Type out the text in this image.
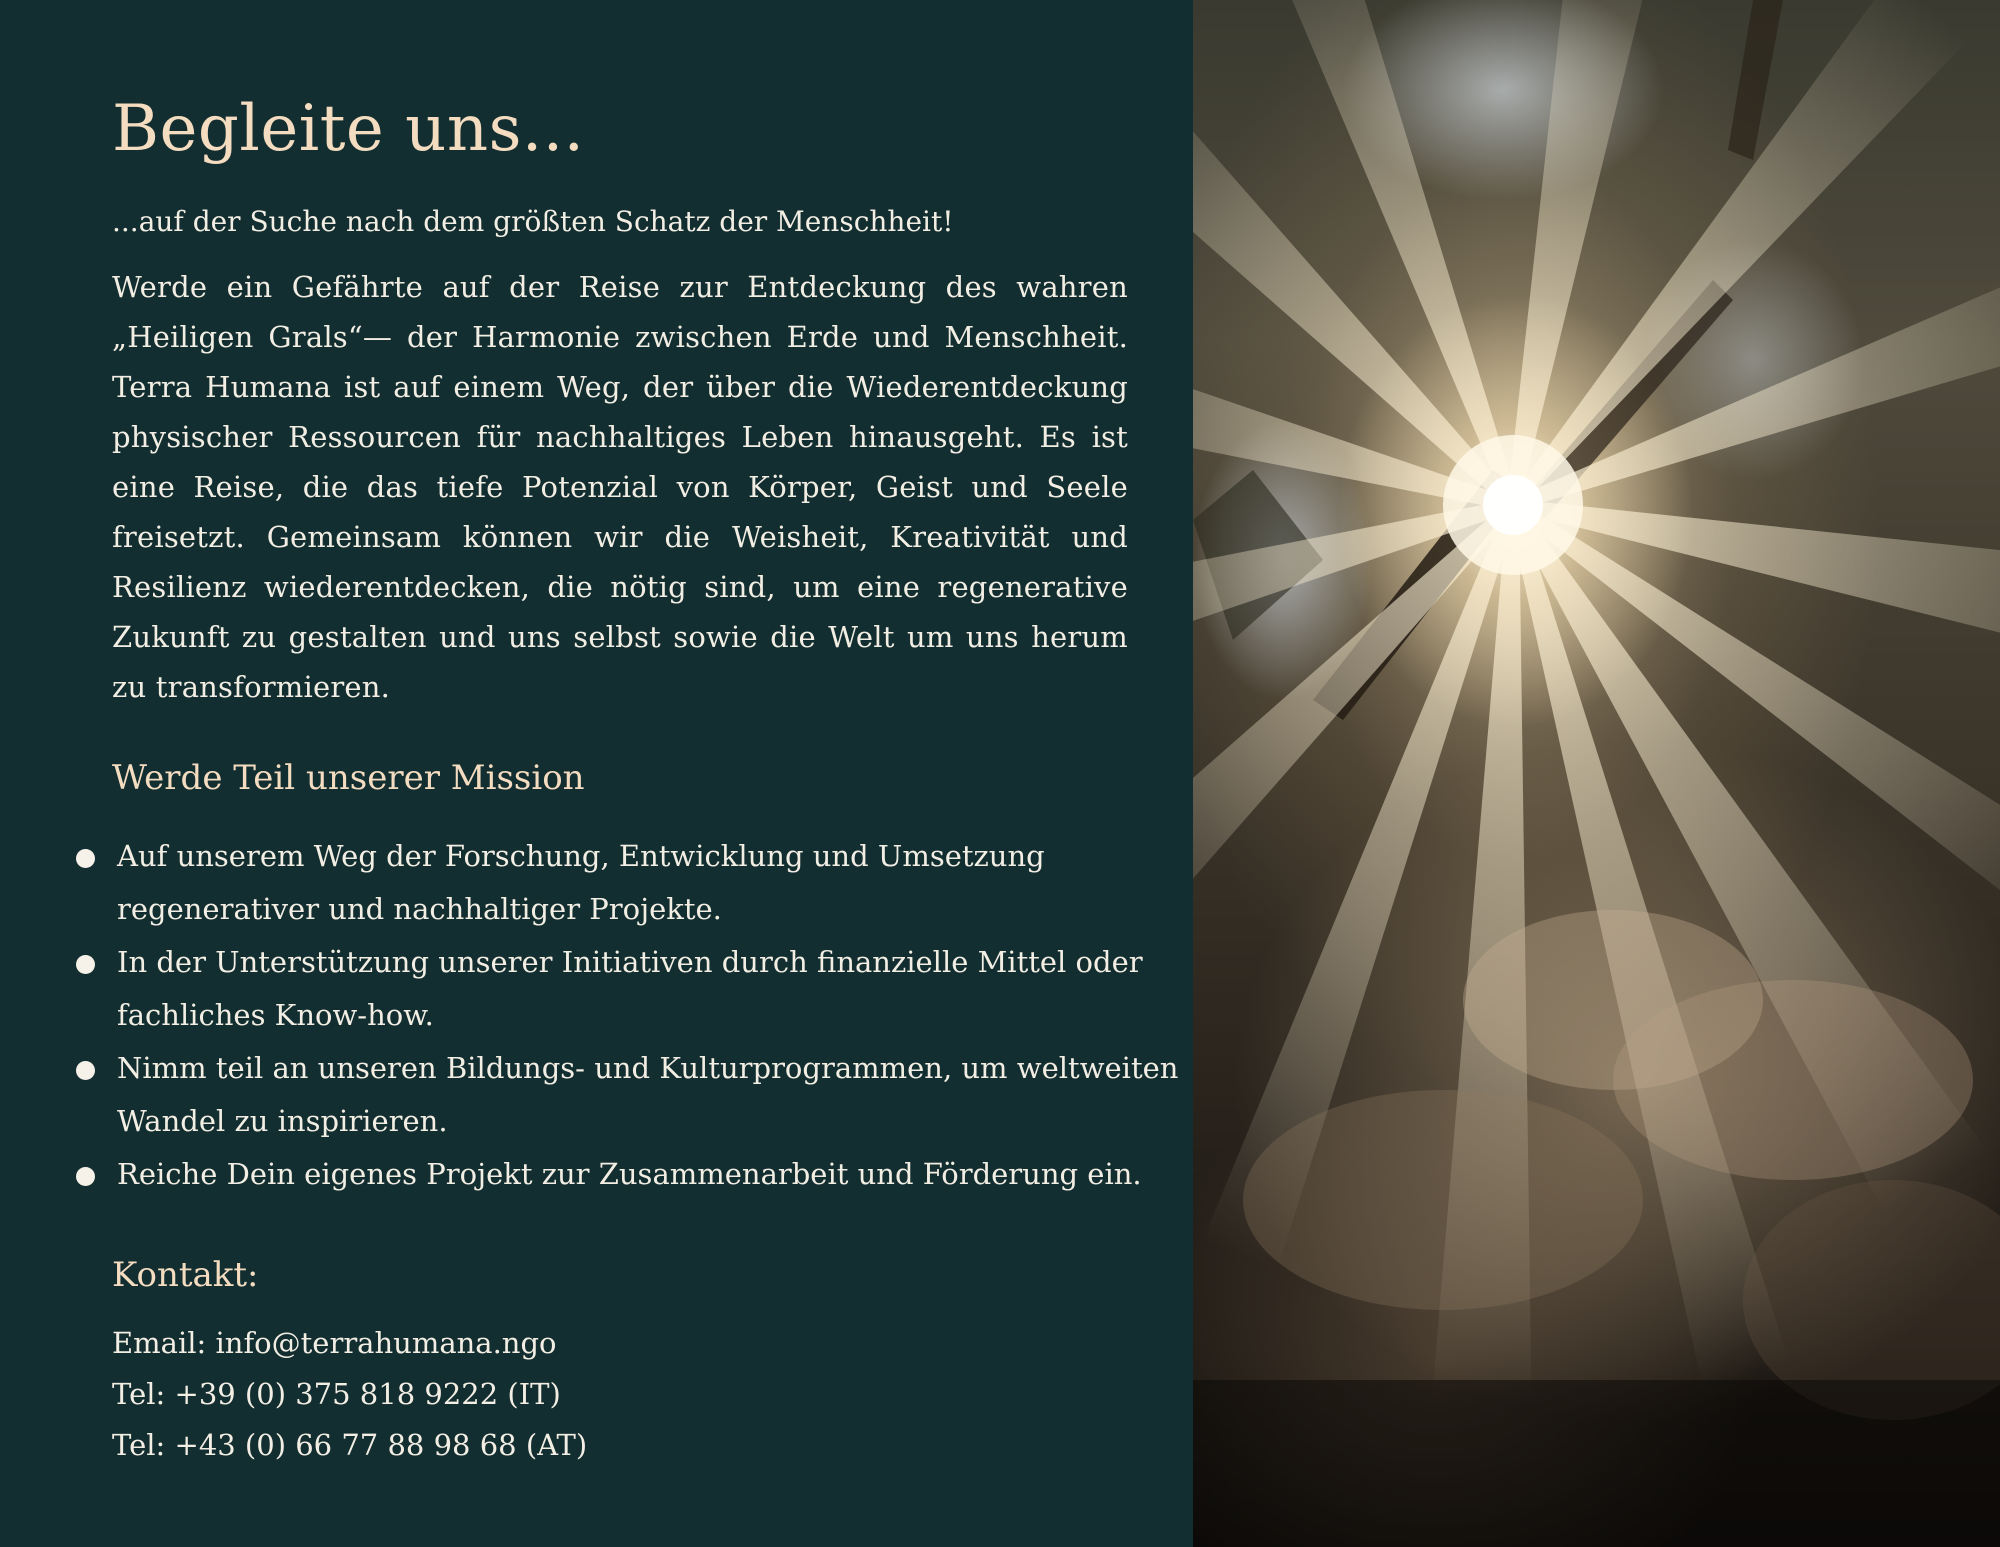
Begleite uns...

...auf der Suche nach dem größten Schatz der Menschheit!

Werde ein Gefährte auf der Reise zur Entdeckung des wahren „Heiligen Grals“— der Harmonie zwischen Erde und Menschheit. Terra Humana ist auf einem Weg, der über die Wiederentdeckung physischer Ressourcen für nachhaltiges Leben hinausgeht. Es ist eine Reise, die das tiefe Potenzial von Körper, Geist und Seele freisetzt. Gemeinsam können wir die Weisheit, Kreativität und Resilienz wiederentdecken, die nötig sind, um eine regenerative Zukunft zu gestalten und uns selbst sowie die Welt um uns herum zu transformieren.

Werde Teil unserer Mission
Auf unserem Weg der Forschung, Entwicklung und Umsetzung regenerativer und nachhaltiger Projekte.
In der Unterstützung unserer Initiativen durch finanzielle Mittel oder fachliches Know-how.
Nimm teil an unseren Bildungs- und Kulturprogrammen, um weltweiten Wandel zu inspirieren.
Reiche Dein eigenes Projekt zur Zusammenarbeit und Förderung ein.
Kontakt:
Email: info@terrahumana.ngo
Tel: +39 (0) 375 818 9222 (IT)
Tel: +43 (0) 66 77 88 98 68 (AT)
